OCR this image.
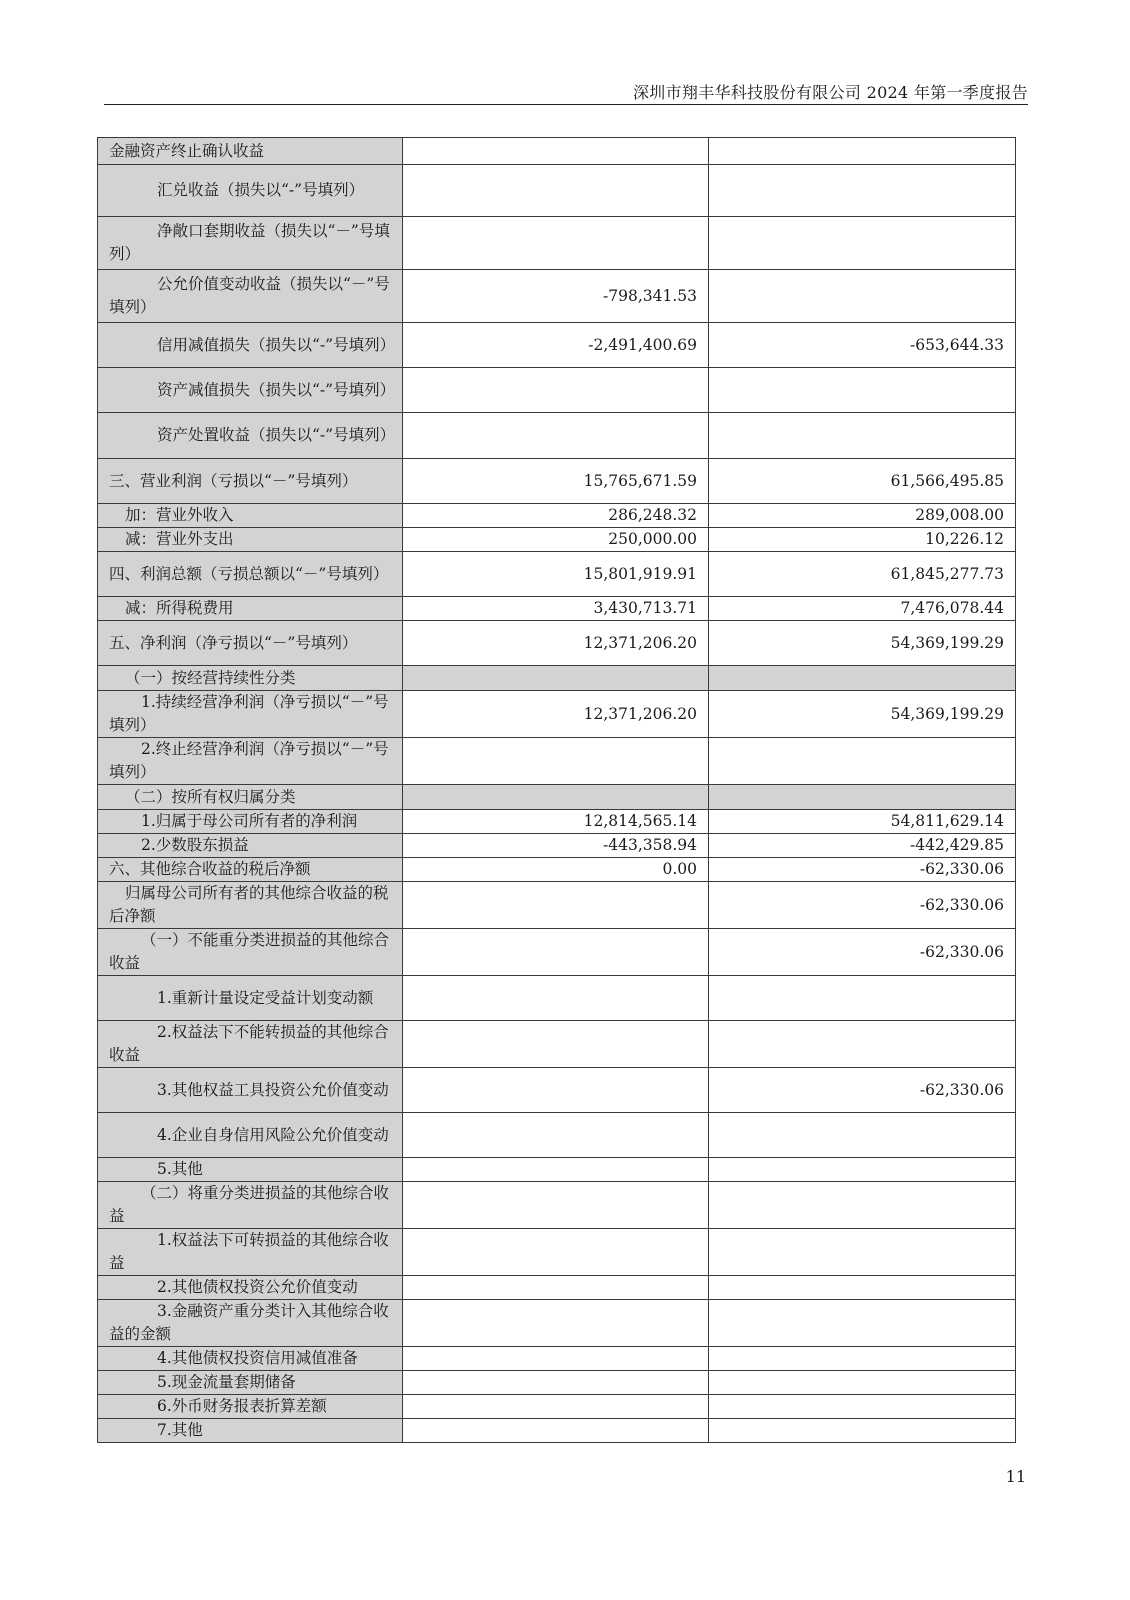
深圳市翔丰华科技股份有限公司 2024 年第一季度报告
金融资产终止确认收益		

汇兑收益（损失以“-”号填列）		

净敞口套期收益（损失以“－”号填列）		

公允价值变动收益（损失以“－”号填列）	-798,341.53	

信用减值损失（损失以“-”号填列）	-2,491,400.69	-653,644.33

资产减值损失（损失以“-”号填列）		

资产处置收益（损失以“-”号填列）		

三、营业利润（亏损以“－”号填列）	15,765,671.59	61,566,495.85

加：营业外收入	286,248.32	289,008.00

减：营业外支出	250,000.00	10,226.12

四、利润总额（亏损总额以“－”号填列）	15,801,919.91	61,845,277.73

减：所得税费用	3,430,713.71	7,476,078.44

五、净利润（净亏损以“－”号填列）	12,371,206.20	54,369,199.29

（一）按经营持续性分类		

1.持续经营净利润（净亏损以“－”号填列）	12,371,206.20	54,369,199.29

2.终止经营净利润（净亏损以“－”号填列）		

（二）按所有权归属分类		

1.归属于母公司所有者的净利润	12,814,565.14	54,811,629.14

2.少数股东损益	-443,358.94	-442,429.85

六、其他综合收益的税后净额	0.00	-62,330.06

归属母公司所有者的其他综合收益的税后净额		-62,330.06

（一）不能重分类进损益的其他综合收益		-62,330.06

1.重新计量设定受益计划变动额		

2.权益法下不能转损益的其他综合收益		

3.其他权益工具投资公允价值变动		-62,330.06

4.企业自身信用风险公允价值变动		

5.其他		

（二）将重分类进损益的其他综合收益		

1.权益法下可转损益的其他综合收益		

2.其他债权投资公允价值变动		

3.金融资产重分类计入其他综合收益的金额		

4.其他债权投资信用减值准备		

5.现金流量套期储备		

6.外币财务报表折算差额		

7.其他		

11
